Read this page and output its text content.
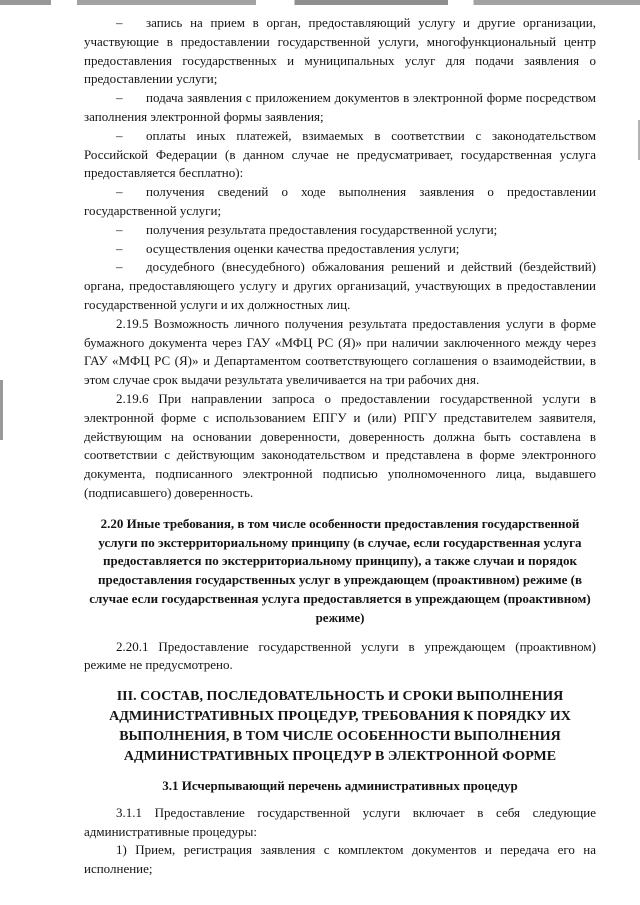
– запись на прием в орган, предоставляющий услугу и другие организации, участвующие в предоставлении государственной услуги, многофункциональный центр предоставления государственных и муниципальных услуг для подачи заявления о предоставлении услуги;

– подача заявления с приложением документов в электронной форме посредством заполнения электронной формы заявления;

– оплаты иных платежей, взимаемых в соответствии с законодательством Российской Федерации (в данном случае не предусматривает, государственная услуга предоставляется бесплатно):

– получения сведений о ходе выполнения заявления о предоставлении государственной услуги;

– получения результата предоставления государственной услуги;

– осуществления оценки качества предоставления услуги;

– досудебного (внесудебного) обжалования решений и действий (бездействий) органа, предоставляющего услугу и других организаций, участвующих в предоставлении государственной услуги и их должностных лиц.

2.19.5 Возможность личного получения результата предоставления услуги в форме бумажного документа через ГАУ «МФЦ РС (Я)» при наличии заключенного между через ГАУ «МФЦ РС (Я)» и Департаментом соответствующего соглашения о взаимодействии, в этом случае срок выдачи результата увеличивается на три рабочих дня.

2.19.6 При направлении запроса о предоставлении государственной услуги в электронной форме с использованием ЕПГУ и (или) РПГУ представителем заявителя, действующим на основании доверенности, доверенность должна быть составлена в соответствии с действующим законодательством и представлена в форме электронного документа, подписанного электронной подписью уполномоченного лица, выдавшего (подписавшего) доверенность.

2.20 Иные требования, в том числе особенности предоставления государственной услуги по экстерриториальному принципу (в случае, если государственная услуга предоставляется по экстерриториальному принципу), а также случаи и порядок предоставления государственных услуг в упреждающем (проактивном) режиме (в случае если государственная услуга предоставляется в упреждающем (проактивном) режиме)

2.20.1 Предоставление государственной услуги в упреждающем (проактивном) режиме не предусмотрено.

III. СОСТАВ, ПОСЛЕДОВАТЕЛЬНОСТЬ И СРОКИ ВЫПОЛНЕНИЯ АДМИНИСТРАТИВНЫХ ПРОЦЕДУР, ТРЕБОВАНИЯ К ПОРЯДКУ ИХ ВЫПОЛНЕНИЯ, В ТОМ ЧИСЛЕ ОСОБЕННОСТИ ВЫПОЛНЕНИЯ АДМИНИСТРАТИВНЫХ ПРОЦЕДУР В ЭЛЕКТРОННОЙ ФОРМЕ

3.1 Исчерпывающий перечень административных процедур

3.1.1 Предоставление государственной услуги включает в себя следующие административные процедуры:

1) Прием, регистрация заявления с комплектом документов и передача его на исполнение;
